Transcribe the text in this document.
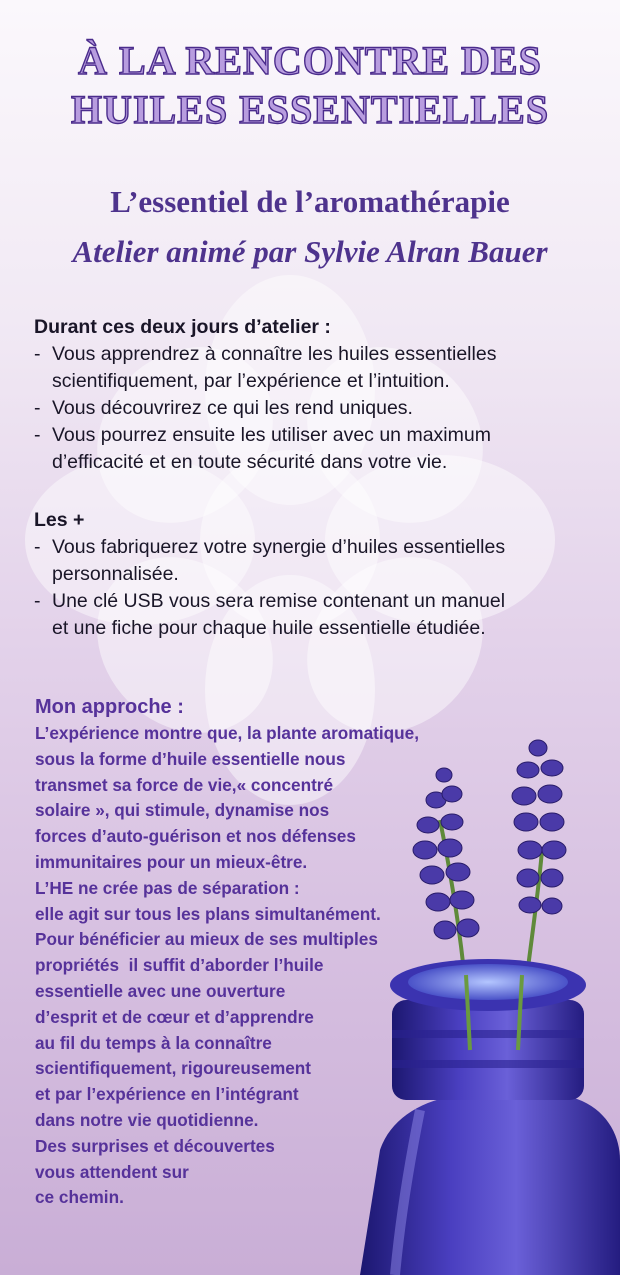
À LA RENCONTRE DES
HUILES ESSENTIELLES
L’essentiel de l’aromathérapie
Atelier animé par Sylvie Alran Bauer

Durant ces deux jours d’atelier :

- Vous apprendrez à connaître les huiles essentielles
scientifiquement, par l’expérience et l’intuition.
- Vous découvrirez ce qui les rend uniques.
- Vous pourrez ensuite les utiliser avec un maximum
d’efficacité et en toute sécurité dans votre vie.

Les +

- Vous fabriquerez votre synergie d’huiles essentielles
personnalisée.
- Une clé USB vous sera remise contenant un manuel
et une fiche pour chaque huile essentielle étudiée.
Mon approche :

L’expérience montre que, la plante aromatique,
sous la forme d’huile essentielle nous
transmet sa force de vie,« concentré
solaire », qui stimule, dynamise nos
forces d’auto-guérison et nos défenses
immunitaires pour un mieux-être.
L’HE ne crée pas de séparation :
elle agit sur tous les plans simultanément.
Pour bénéficier au mieux de ses multiples
propriétés  il suffit d’aborder l’huile
essentielle avec une ouverture
d’esprit et de cœur et d’apprendre
au fil du temps à la connaître
scientifiquement, rigoureusement
et par l’expérience en l’intégrant
dans notre vie quotidienne.
Des surprises et découvertes
vous attendent sur
ce chemin.
